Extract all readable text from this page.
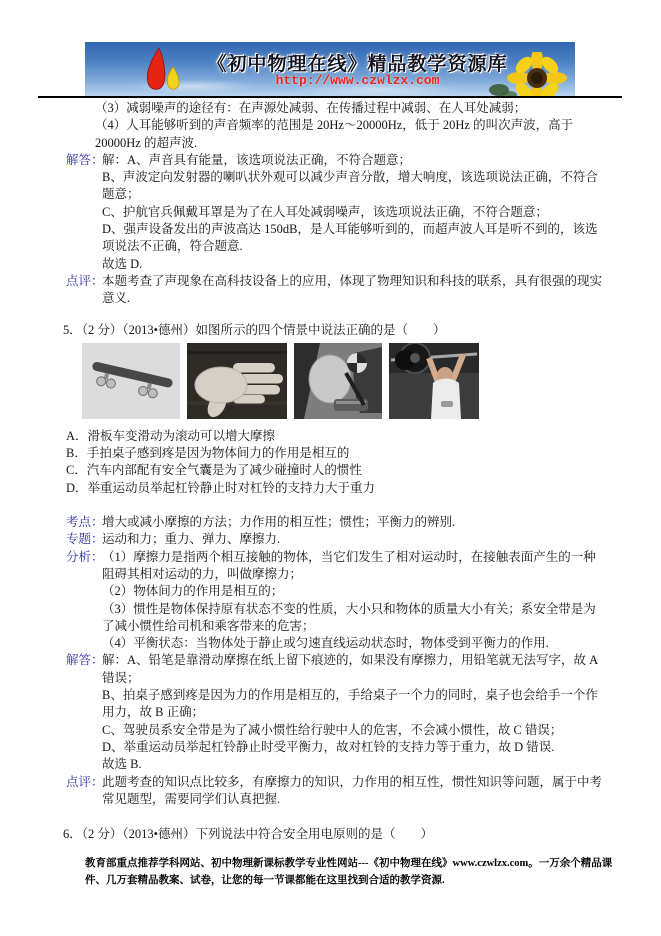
《初中物理在线》精品教学资源库
http://www.czwlzx.com
（3）减弱噪声的途径有：在声源处减弱、在传播过程中减弱、在人耳处减弱；
（4）人耳能够听到的声音频率的范围是 20Hz～20000Hz，低于 20Hz 的叫次声波，高于
20000Hz 的超声波.
解答：
解：A、声音具有能量，该选项说法正确，不符合题意；
B、声波定向发射器的喇叭状外观可以减少声音分散，增大响度，该选项说法正确，不符合
题意；
C、护航官兵佩戴耳罩是为了在人耳处减弱噪声，该选项说法正确，不符合题意；
D、强声设备发出的声波高达 150dB，是人耳能够听到的，而超声波人耳是听不到的，该选
项说法不正确，符合题意.
故选 D.
点评：
本题考查了声现象在高科技设备上的应用，体现了物理知识和科技的联系，具有很强的现实
意义.
5．（2 分）（2013•德州）如图所示的四个情景中说法正确的是（　　）
A．滑板车变滑动为滚动可以增大摩擦
B．手拍桌子感到疼是因为物体间力的作用是相互的
C．汽车内部配有安全气囊是为了减少碰撞时人的惯性
D．举重运动员举起杠铃静止时对杠铃的支持力大于重力
考点：
增大或减小摩擦的方法；力作用的相互性；惯性；平衡力的辨别.
专题：
运动和力；重力、弹力、摩擦力.
分析：
（1）摩擦力是指两个相互接触的物体，当它们发生了相对运动时，在接触表面产生的一种
阻碍其相对运动的力，叫做摩擦力；
（2）物体间力的作用是相互的；
（3）惯性是物体保持原有状态不变的性质，大小只和物体的质量大小有关；系安全带是为
了减小惯性给司机和乘客带来的危害；
（4）平衡状态：当物体处于静止或匀速直线运动状态时，物体受到平衡力的作用.
解答：
解：A、铅笔是靠滑动摩擦在纸上留下痕迹的，如果没有摩擦力，用铅笔就无法写字，故 A
错误；
B、拍桌子感到疼是因为力的作用是相互的，手给桌子一个力的同时，桌子也会给手一个作
用力，故 B 正确；
C、驾驶员系安全带是为了减小惯性给行驶中人的危害，不会减小惯性，故 C 错误；
D、举重运动员举起杠铃静止时受平衡力，故对杠铃的支持力等于重力，故 D 错误.
故选 B.
点评：
此题考查的知识点比较多，有摩擦力的知识，力作用的相互性，惯性知识等问题，属于中考
常见题型，需要同学们认真把握.
6．（2 分）（2013•德州）下列说法中符合安全用电原则的是（　　）
教育部重点推荐学科网站、初中物理新课标教学专业性网站---《初中物理在线》www.czwlzx.com。一万余个精品课
件、几万套精品教案、试卷，让您的每一节课都能在这里找到合适的教学资源.
